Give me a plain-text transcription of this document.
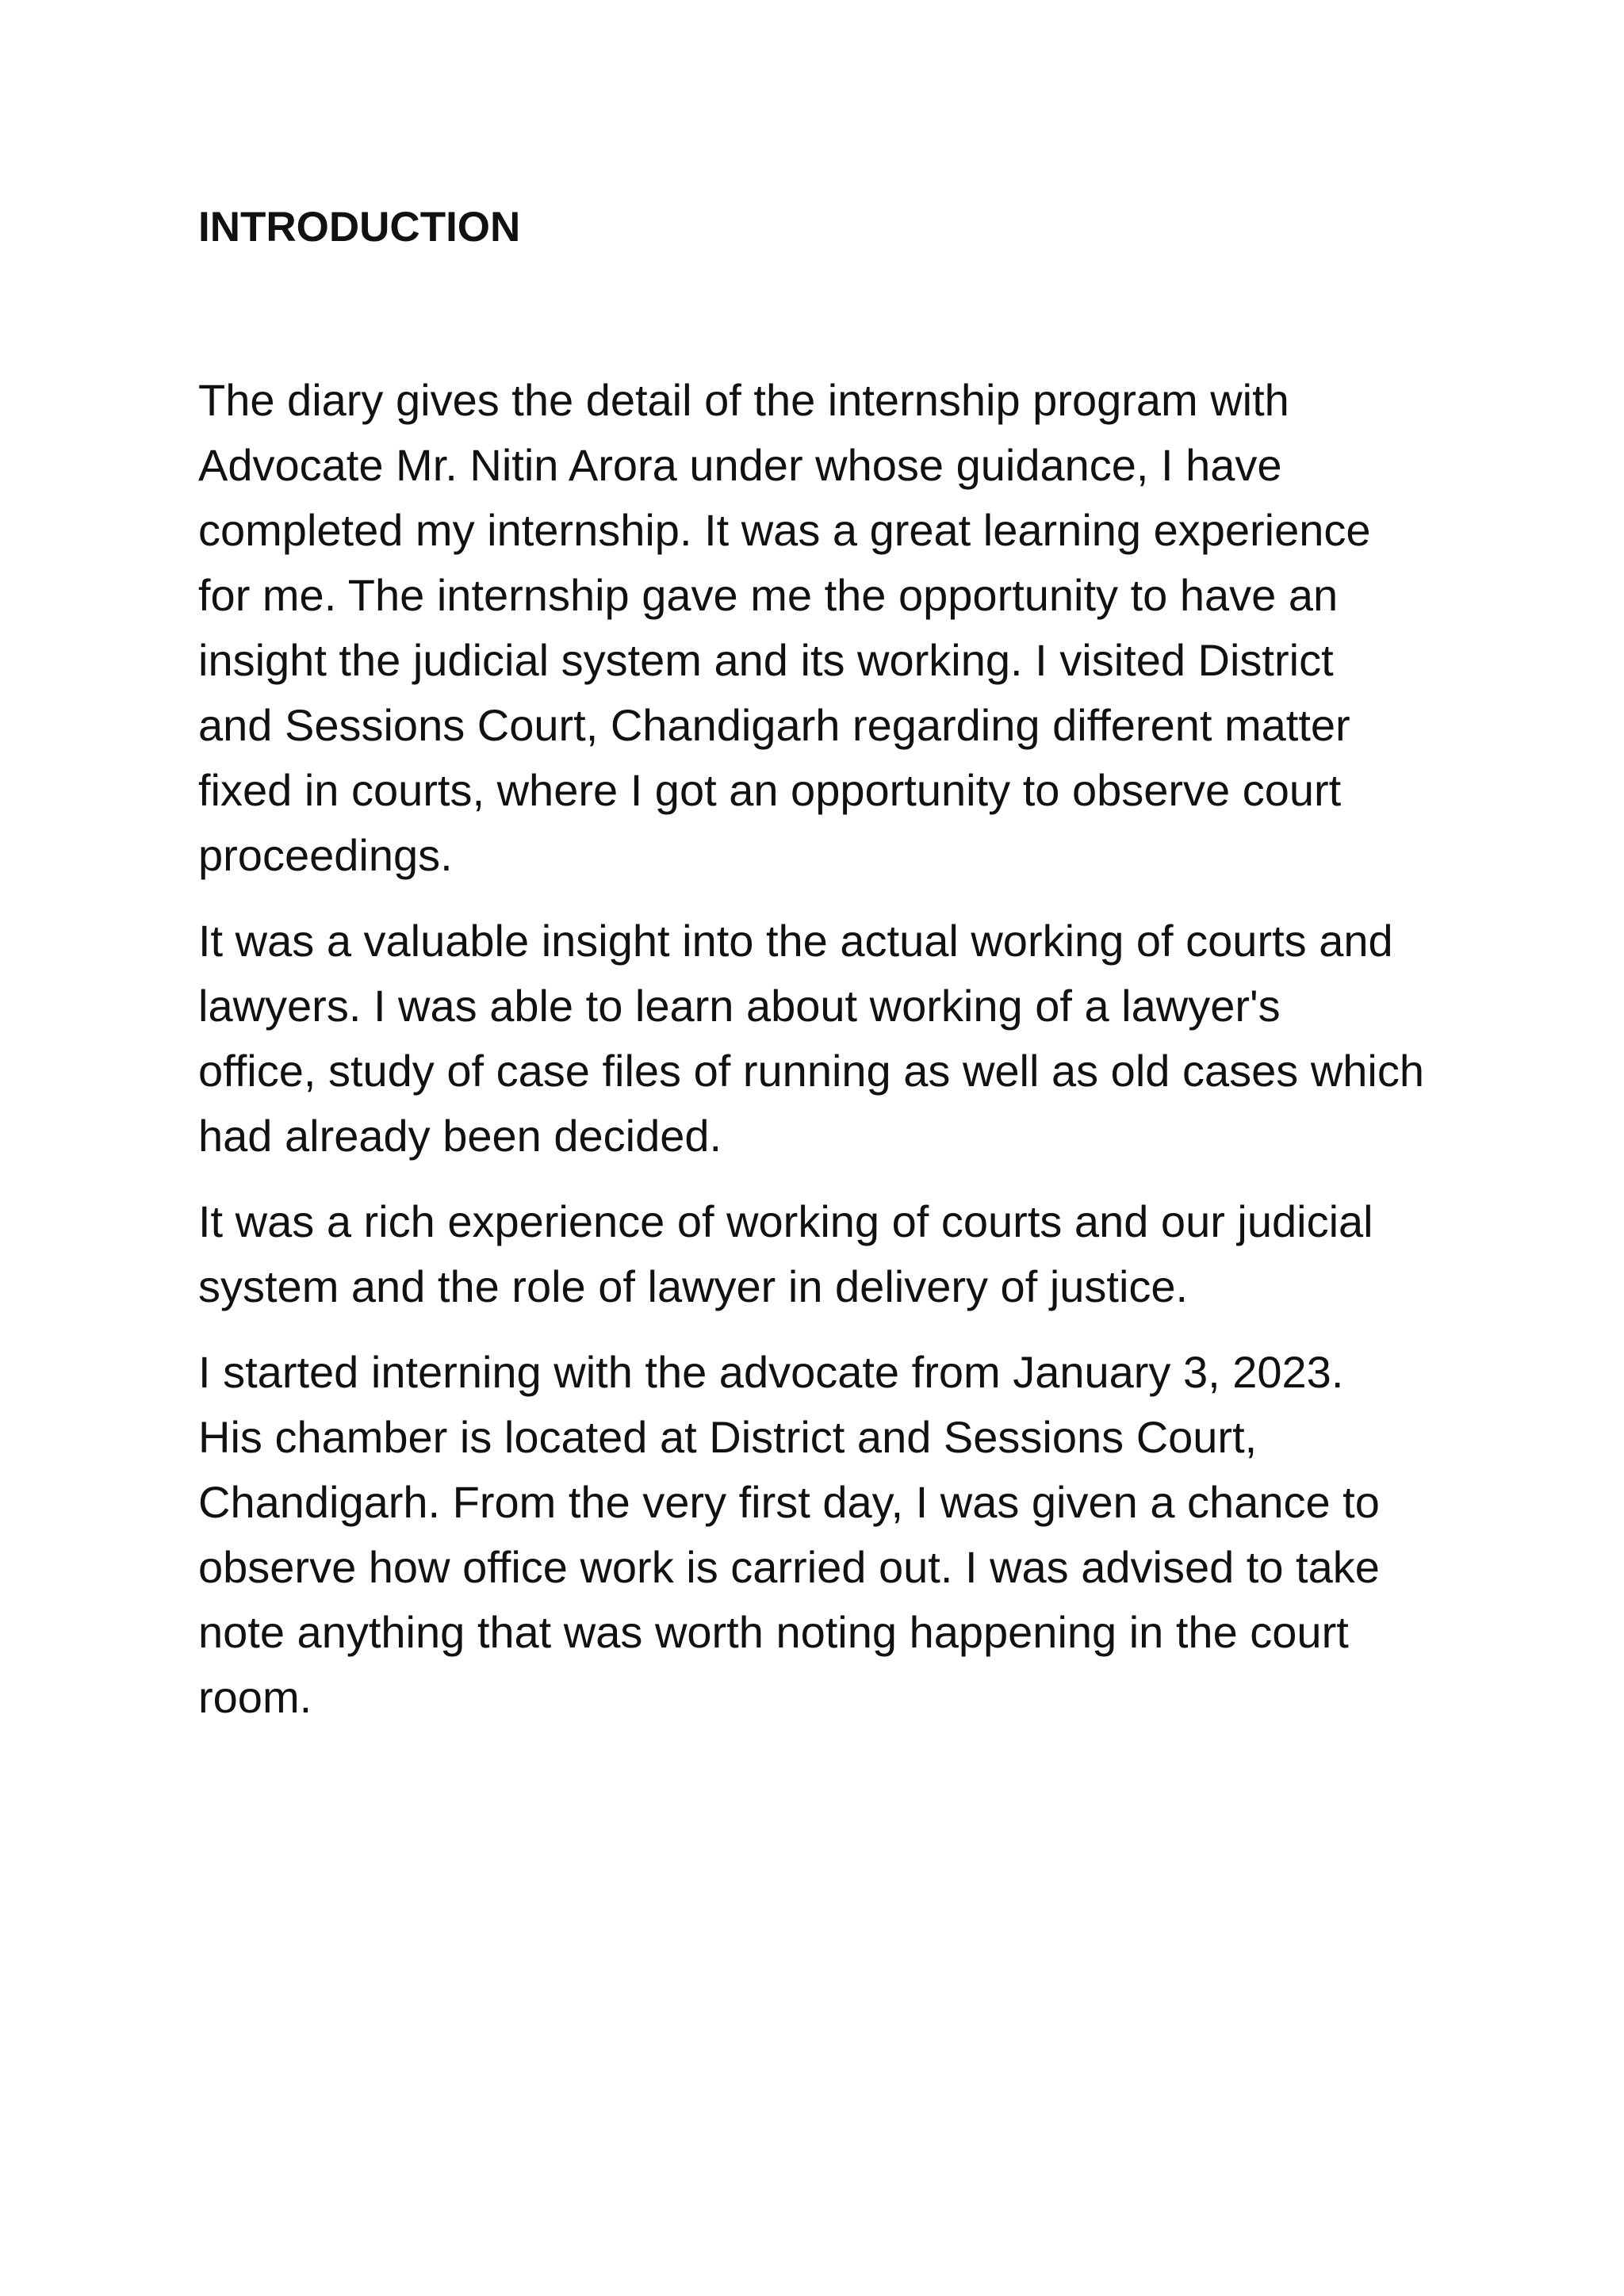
INTRODUCTION

The diary gives the detail of the internship program with
Advocate Mr. Nitin Arora under whose guidance, I have
completed my internship. It was a great learning experience
for me. The internship gave me the opportunity to have an
insight the judicial system and its working. I visited District
and Sessions Court, Chandigarh regarding different matter
fixed in courts, where I got an opportunity to observe court
proceedings.

It was a valuable insight into the actual working of courts and
lawyers. I was able to learn about working of a lawyer's
office, study of case files of running as well as old cases which
had already been decided.

It was a rich experience of working of courts and our judicial
system and the role of lawyer in delivery of justice.

I started interning with the advocate from January 3, 2023.
His chamber is located at District and Sessions Court,
Chandigarh. From the very first day, I was given a chance to
observe how office work is carried out. I was advised to take
note anything that was worth noting happening in the court
room.
